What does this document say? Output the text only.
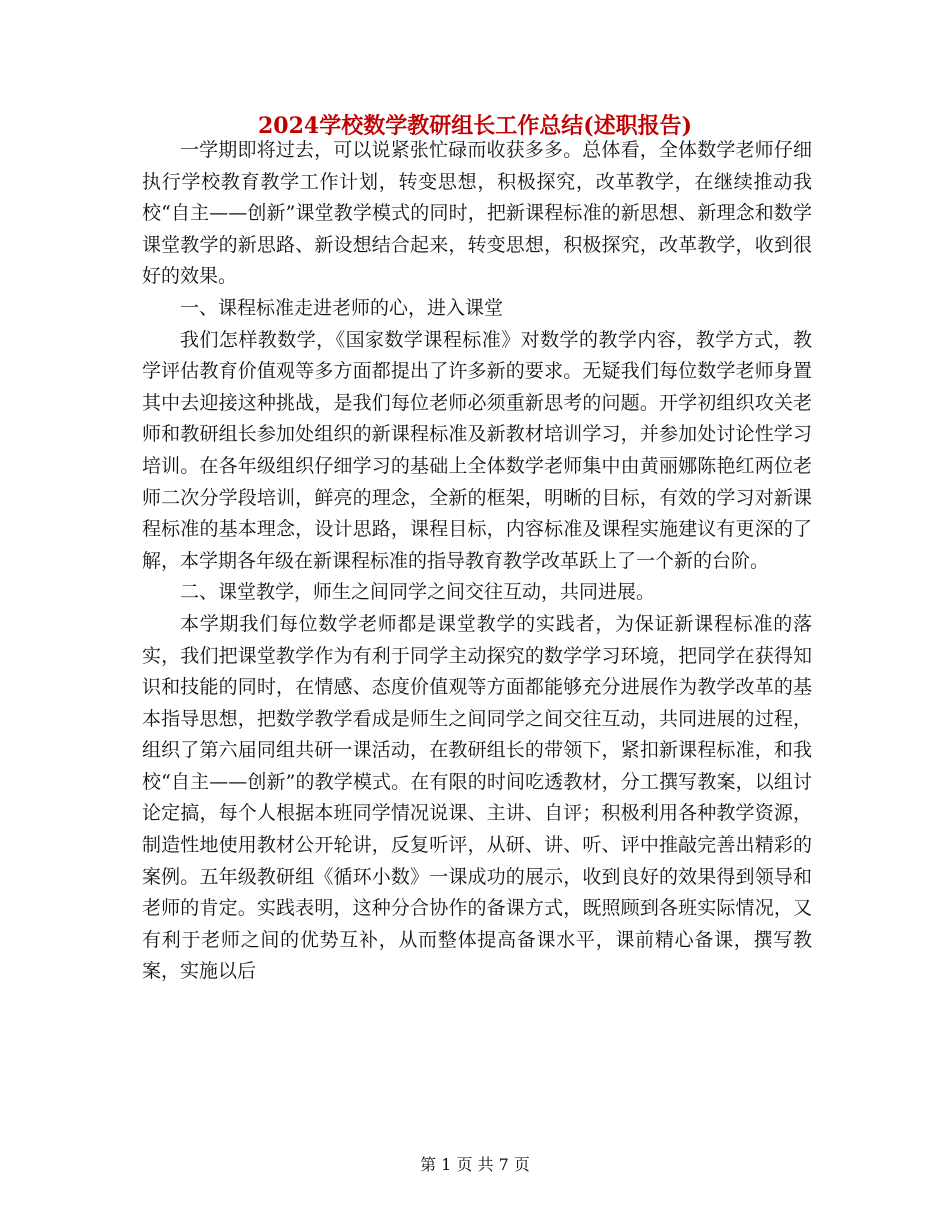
2024学校数学教研组长工作总结(述职报告)

一学期即将过去，可以说紧张忙碌而收获多多。总体看，全体数学老师仔细执行学校教育教学工作计划，转变思想，积极探究，改革教学，在继续推动我校“自主——创新”课堂教学模式的同时，把新课程标准的新思想、新理念和数学课堂教学的新思路、新设想结合起来，转变思想，积极探究，改革教学，收到很好的效果。

一、课程标准走进老师的心，进入课堂

我们怎样教数学，《国家数学课程标准》对数学的教学内容，教学方式，教学评估教育价值观等多方面都提出了许多新的要求。无疑我们每位数学老师身置其中去迎接这种挑战，是我们每位老师必须重新思考的问题。开学初组织攻关老师和教研组长参加处组织的新课程标准及新教材培训学习，并参加处讨论性学习培训。在各年级组织仔细学习的基础上全体数学老师集中由黄丽娜陈艳红两位老师二次分学段培训，鲜亮的理念，全新的框架，明晰的目标，有效的学习对新课程标准的基本理念，设计思路，课程目标，内容标准及课程实施建议有更深的了解，本学期各年级在新课程标准的指导教育教学改革跃上了一个新的台阶。

二、课堂教学，师生之间同学之间交往互动，共同进展。

本学期我们每位数学老师都是课堂教学的实践者，为保证新课程标准的落实，我们把课堂教学作为有利于同学主动探究的数学学习环境，把同学在获得知识和技能的同时，在情感、态度价值观等方面都能够充分进展作为教学改革的基本指导思想，把数学教学看成是师生之间同学之间交往互动，共同进展的过程，组织了第六届同组共研一课活动，在教研组长的带领下，紧扣新课程标准，和我校“自主——创新”的教学模式。在有限的时间吃透教材，分工撰写教案，以组讨论定搞，每个人根据本班同学情况说课、主讲、自评；积极利用各种教学资源，制造性地使用教材公开轮讲，反复听评，从研、讲、听、评中推敲完善出精彩的案例。五年级教研组《循环小数》一课成功的展示，收到良好的效果得到领导和老师的肯定。实践表明，这种分合协作的备课方式，既照顾到各班实际情况，又有利于老师之间的优势互补，从而整体提高备课水平，课前精心备课，撰写教案，实施以后

第 1 页 共 7 页
